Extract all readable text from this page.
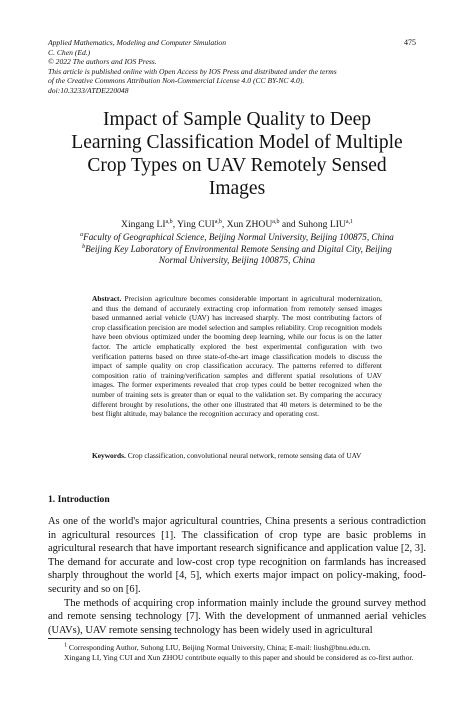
Applied Mathematics, Modeling and Computer Simulation
C. Chen (Ed.)
© 2022 The authors and IOS Press.
This article is published online with Open Access by IOS Press and distributed under the terms
of the Creative Commons Attribution Non-Commercial License 4.0 (CC BY-NC 4.0).
doi:10.3233/ATDE220048
475
Impact of Sample Quality to Deep
Learning Classification Model of Multiple
Crop Types on UAV Remotely Sensed
Images
Xingang LI$^{a,b}$, Ying CUI$^{a,b}$, Xun ZHOU$^{a,b}$ and Suhong LIU$^{a,1}$
$^a$Faculty of Geographical Science, Beijing Normal University, Beijing 100875, China
$^b$Beijing Key Laboratory of Environmental Remote Sensing and Digital City, Beijing
Normal University, Beijing 100875, China
Abstract. Precision agriculture becomes considerable important in agricultural modernization, and thus the demand of accurately extracting crop information from remotely sensed images based unmanned aerial vehicle (UAV) has increased sharply. The most contributing factors of crop classification precision are model selection and samples reliability. Crop recognition models have been obvious optimized under the booming deep learning, while our focus is on the latter factor. The article emphatically explored the best experimental configuration with two verification patterns based on three state-of-the-art image classification models to discuss the impact of sample quality on crop classification accuracy. The patterns referred to different composition ratio of training/verification samples and different spatial resolutions of UAV images. The former experiments revealed that crop types could be better recognized when the number of training sets is greater than or equal to the validation set. By comparing the accuracy different brought by resolutions, the other one illustrated that 40 meters is determined to be the best flight altitude, may balance the recognition accuracy and operating cost.
Keywords. Crop classification, convolutional neural network, remote sensing data of UAV
1. Introduction

As one of the world's major agricultural countries, China presents a serious contradiction in agricultural resources [1]. The classification of crop type are basic problems in agricultural research that have important research significance and application value [2, 3]. The demand for accurate and low-cost crop type recognition on farmlands has increased sharply throughout the world [4, 5], which exerts major impact on policy-making, food-security and so on [6].

The methods of acquiring crop information mainly include the ground survey method and remote sensing technology [7]. With the development of unmanned aerial vehicles (UAVs), UAV remote sensing technology has been widely used in agricultural

$^1$ Corresponding Author, Suhong LIU, Beijing Normal University, China; E-mail: liush@bnu.edu.cn.

Xingang LI, Ying CUI and Xun ZHOU contribute equally to this paper and should be considered as co-first author.
